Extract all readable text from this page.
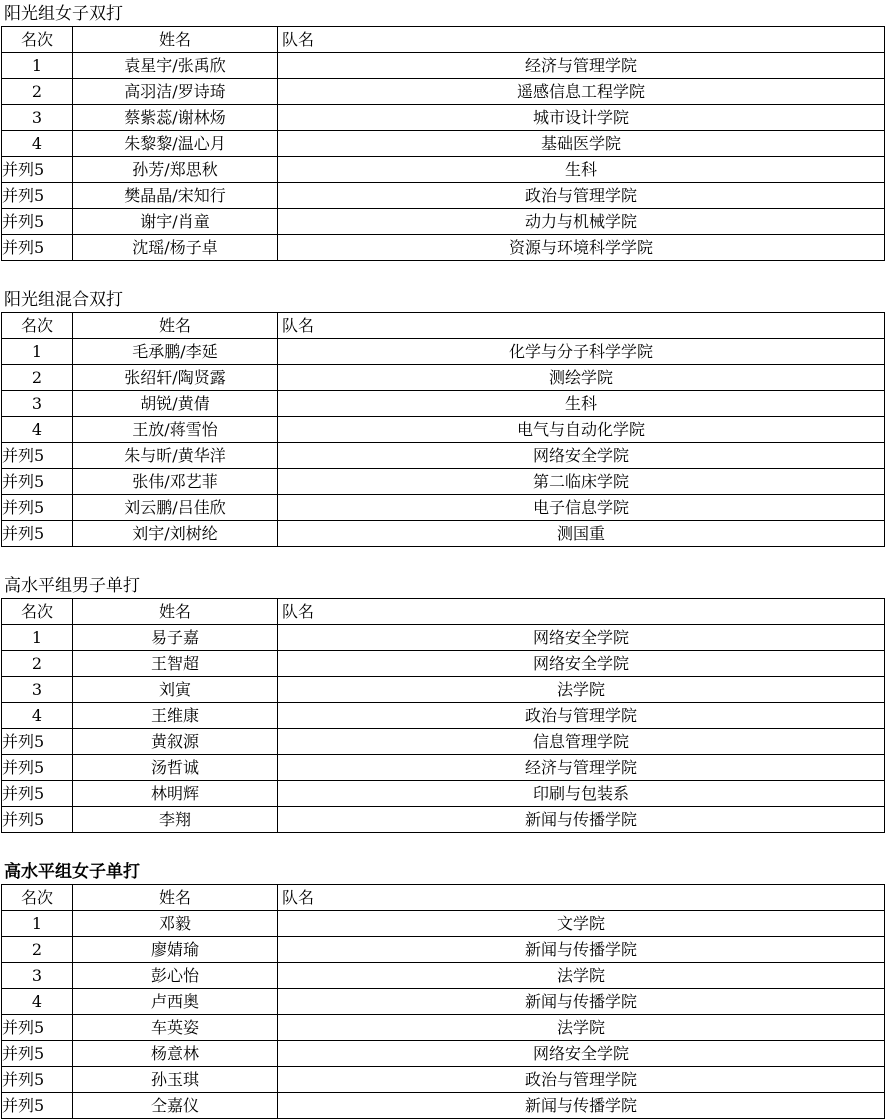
阳光组女子双打
名次	姓名	队名
1	袁星宇/张禹欣	经济与管理学院
2	高羽洁/罗诗琦	遥感信息工程学院
3	蔡紫蕊/谢林炀	城市设计学院
4	朱黎黎/温心月	基础医学院
并列5	孙芳/郑思秋	生科
并列5	樊晶晶/宋知行	政治与管理学院
并列5	谢宇/肖童	动力与机械学院
并列5	沈瑶/杨子卓	资源与环境科学学院
阳光组混合双打
名次	姓名	队名
1	毛承鹏/李延	化学与分子科学学院
2	张绍轩/陶贤露	测绘学院
3	胡锐/黄倩	生科
4	王放/蒋雪怡	电气与自动化学院
并列5	朱与昕/黄华洋	网络安全学院
并列5	张伟/邓艺菲	第二临床学院
并列5	刘云鹏/吕佳欣	电子信息学院
并列5	刘宇/刘树纶	测国重
高水平组男子单打
名次	姓名	队名
1	易子嘉	网络安全学院
2	王智超	网络安全学院
3	刘寅	法学院
4	王维康	政治与管理学院
并列5	黄叙源	信息管理学院
并列5	汤哲诚	经济与管理学院
并列5	林明辉	印刷与包装系
并列5	李翔	新闻与传播学院
高水平组女子单打
名次	姓名	队名
1	邓毅	文学院
2	廖婧瑜	新闻与传播学院
3	彭心怡	法学院
4	卢西奥	新闻与传播学院
并列5	车英姿	法学院
并列5	杨意林	网络安全学院
并列5	孙玉琪	政治与管理学院
并列5	仝嘉仪	新闻与传播学院
